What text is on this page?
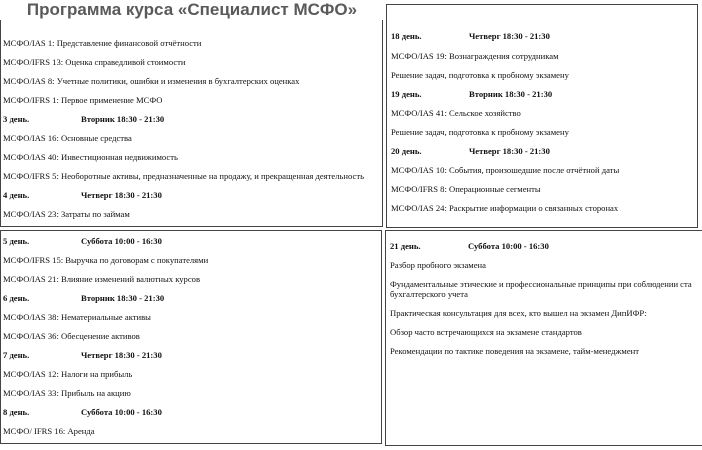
Программа курса «Специалист МСФО»
МСФО/IAS 1: Представление финансовой отчётности
МСФО/IFRS 13: Оценка справедливой стоимости
МСФО/IAS 8: Учетные политики, ошибки и изменения в бухгалтерских оценках
МСФО/IFRS 1: Первое применение МСФО
3 день.	Вторник 18:30 - 21:30
МСФО/IAS 16: Основные средства
МСФО/IAS 40: Инвестиционная недвижимость
МСФО/IFRS 5: Необоротные активы, предназначенные на продажу, и прекращенная деятельность
4 день.	Четверг 18:30 - 21:30
МСФО/IAS 23: Затраты по займам
18 день.	Четверг 18:30 - 21:30
МСФО/IAS 19: Вознаграждения сотрудникам
Решение задач, подготовка к пробному экзамену
19 день.	Вторник 18:30 - 21:30
МСФО/IAS 41: Сельское хозяйство
Решение задач, подготовка к пробному экзамену
20 день.	Четверг 18:30 - 21:30
МСФО/IAS 10: События, произошедшие после отчётной даты
МСФО/IFRS 8: Операционные сегменты
МСФО/IAS 24: Раскрытие информации о связанных сторонах
5 день.	Суббота 10:00 - 16:30
МСФО/IFRS 15: Выручка по договорам с покупателями
МСФО/IAS 21: Влияние изменений валютных курсов
6 день.	Вторник 18:30 - 21:30
МСФО/IAS 38: Нематериальные активы
МСФО/IAS 36: Обесценение активов
7 день.	Четверг 18:30 - 21:30
МСФО/IAS 12: Налоги на прибыль
МСФО/IAS 33: Прибыль на акцию
8 день.	Суббота 10:00 - 16:30
МСФО/ IFRS 16: Аренда
21 день.	Суббота 10:00 - 16:30
Разбор пробного экзамена
Фундаментальные этические и профессиональные принципы при соблюдении ста бухгалтерского учета
Практическая консультация для всех, кто вышел на экзамен ДипИФР:
Обзор часто встречающихся на экзамене стандартов
Рекомендации по тактике поведения на экзамене, тайм-менеджмент
